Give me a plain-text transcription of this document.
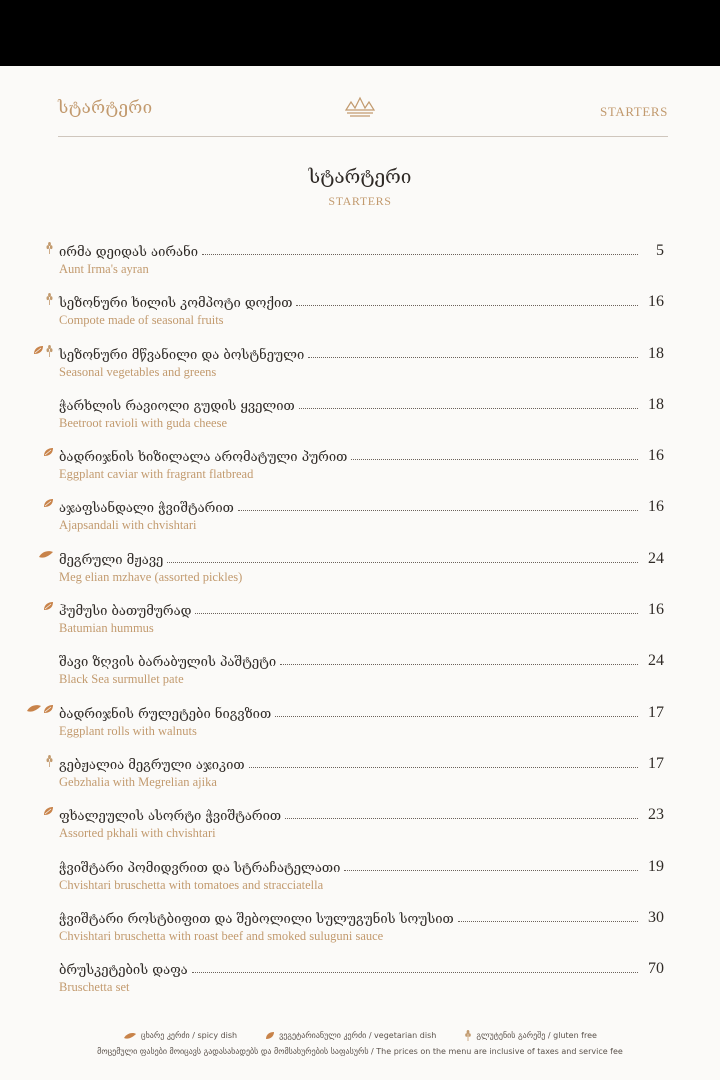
სტარტერი	STARTERS
სტარტერი
STARTERS
ირმა დეიდას აირანი	5
Aunt Irma's ayran
სეზონური ხილის კომპოტი დოქით	16
Compote made of seasonal fruits
სეზონური მწვანილი და ბოსტნეული	18
Seasonal vegetables and greens
ჭარხლის რავიოლი გუდის ყველით	18
Beetroot ravioli with guda cheese
ბადრიჯნის ხიზილალა არომატული პურით	16
Eggplant caviar with fragrant flatbread
აჯაფსანდალი ჭვიშტარით	16
Ajapsandali with chvishtari
მეგრული მჟავე	24
Meg elian mzhave (assorted pickles)
ჰუმუსი ბათუმურად	16
Batumian hummus
შავი ზღვის ბარაბულის პაშტეტი	24
Black Sea surmullet pate
ბადრიჯნის რულეტები ნიგვზით	17
Eggplant rolls with walnuts
გებჟალია მეგრული აჯიკით	17
Gebzhalia with Megrelian ajika
ფხალეულის ასორტი ჭვიშტარით	23
Assorted pkhali with chvishtari
ჭვიშტარი პომიდვრით და სტრაჩატელათი	19
Chvishtari bruschetta with tomatoes and stracciatella
ჭვიშტარი როსტბიფით და შებოლილი სულუგუნის სოუსით	30
Chvishtari bruschetta with roast beef and smoked suluguni sauce
ბრუსკეტების დაფა	70
Bruschetta set
ცხარე კერძი / spicy dish	ვეგეტარიანული კერძი / vegetarian dish	გლუტენის გარეშე / gluten free
მოცემული ფასები მოიცავს გადასახადებს და მომსახურების საფასურს / The prices on the menu are inclusive of taxes and service fee
